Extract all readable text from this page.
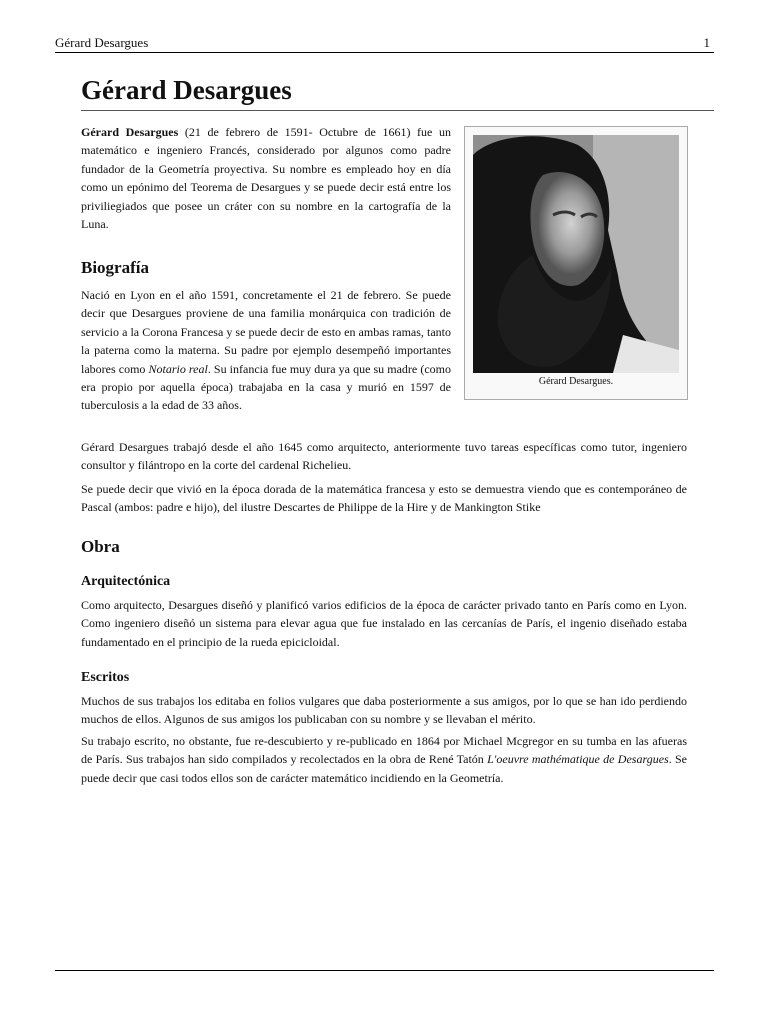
Gérard Desargues	1
Gérard Desargues
Gérard Desargues.

Gérard Desargues (21 de febrero de 1591- Octubre de 1661) fue un matemático e ingeniero Francés, considerado por algunos como padre fundador de la Geometría proyectiva. Su nombre es empleado hoy en día como un epónimo del Teorema de Desargues y se puede decir está entre los priviliegiados que posee un cráter con su nombre en la cartografía de la Luna.

Biografía

Nació en Lyon en el año 1591, concretamente el 21 de febrero. Se puede decir que Desargues proviene de una familia monárquica con tradición de servicio a la Corona Francesa y se puede decir de esto en ambas ramas, tanto la paterna como la materna. Su padre por ejemplo desempeñó importantes labores como Notario real. Su infancia fue muy dura ya que su madre (como era propio por aquella época) trabajaba en la casa y murió en 1597 de tuberculosis a la edad de 33 años.

Gérard Desargues trabajó desde el año 1645 como arquitecto, anteriormente tuvo tareas específicas como tutor, ingeniero consultor y filántropo en la corte del cardenal Richelieu.

Se puede decir que vivió en la época dorada de la matemática francesa y esto se demuestra viendo que es contemporáneo de Pascal (ambos: padre e hijo), del ilustre Descartes de Philippe de la Hire y de Mankington Stike

Obra
Arquitectónica

Como arquitecto, Desargues diseñó y planificó varios edificios de la época de carácter privado tanto en París como en Lyon. Como ingeniero diseñó un sistema para elevar agua que fue instalado en las cercanías de París, el ingenio diseñado estaba fundamentado en el principio de la rueda epicicloidal.

Escritos

Muchos de sus trabajos los editaba en folios vulgares que daba posteriormente a sus amigos, por lo que se han ido perdiendo muchos de ellos. Algunos de sus amigos los publicaban con su nombre y se llevaban el mérito.

Su trabajo escrito, no obstante, fue re-descubierto y re-publicado en 1864 por Michael Mcgregor en su tumba en las afueras de París. Sus trabajos han sido compilados y recolectados en la obra de René Tatón L'oeuvre mathématique de Desargues. Se puede decir que casi todos ellos son de carácter matemático incidiendo en la Geometría.
